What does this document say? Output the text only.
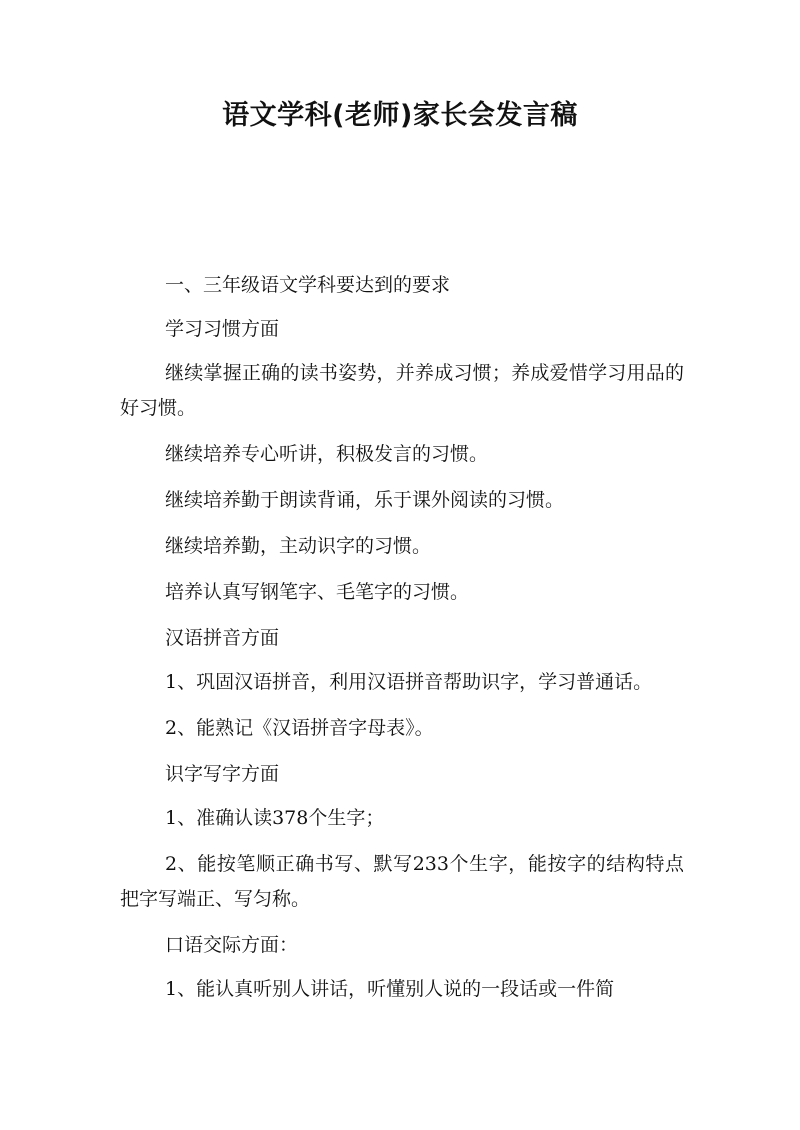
语文学科(老师)家长会发言稿

一、三年级语文学科要达到的要求

学习习惯方面

继续掌握正确的读书姿势，并养成习惯；养成爱惜学习用品的好习惯。

继续培养专心听讲，积极发言的习惯。

继续培养勤于朗读背诵，乐于课外阅读的习惯。

继续培养勤，主动识字的习惯。

培养认真写钢笔字、毛笔字的习惯。

汉语拼音方面

1、巩固汉语拼音，利用汉语拼音帮助识字，学习普通话。

2、能熟记《汉语拼音字母表》。

识字写字方面

1、准确认读378个生字；

2、能按笔顺正确书写、默写233个生字，能按字的结构特点把字写端正、写匀称。

口语交际方面：

1、能认真听别人讲话，听懂别人说的一段话或一件简
